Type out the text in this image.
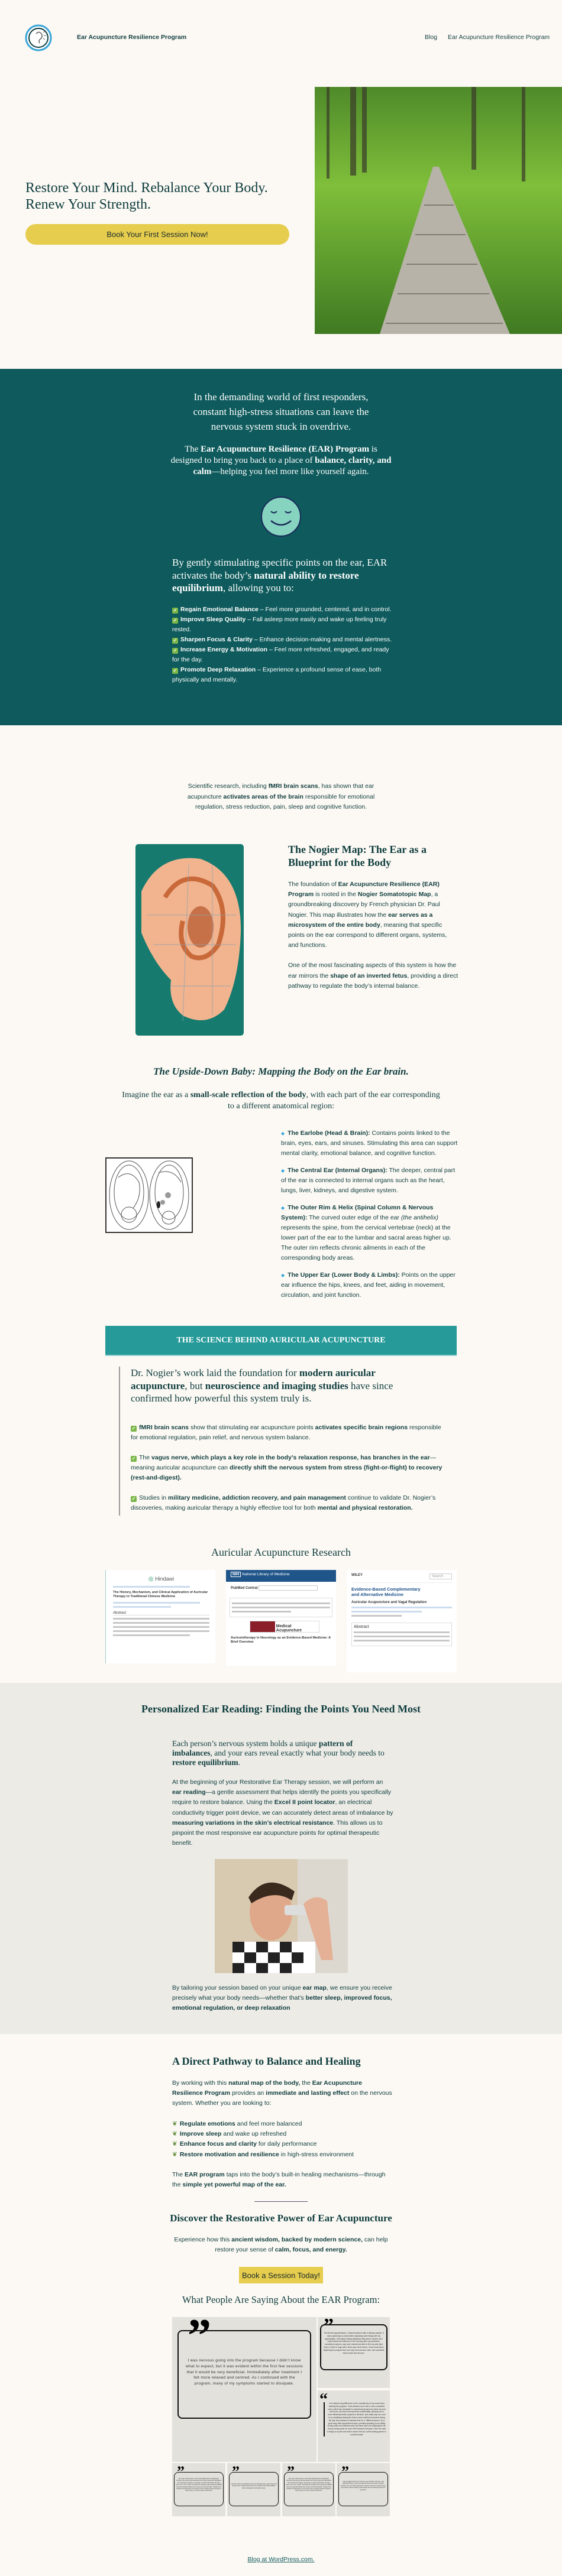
Ear Acupuncture Resilience Program	Blog Ear Acupuncture Resilience Program
Restore Your Mind. Rebalance Your Body. Renew Your Strength.
Book Your First Session Now!

In the demanding world of first responders, constant high-stress situations can leave the nervous system stuck in overdrive.

The Ear Acupuncture Resilience (EAR) Program is designed to bring you back to a place of balance, clarity, and calm—helping you feel more like yourself again.

By gently stimulating specific points on the ear, EAR activates the body’s natural ability to restore equilibrium, allowing you to:

✓ Regain Emotional Balance – Feel more grounded, centered, and in control.
✓ Improve Sleep Quality – Fall asleep more easily and wake up feeling truly rested.
✓ Sharpen Focus & Clarity – Enhance decision-making and mental alertness.
✓ Increase Energy & Motivation – Feel more refreshed, engaged, and ready for the day.
✓ Promote Deep Relaxation – Experience a profound sense of ease, both physically and mentally.

Scientific research, including fMRI brain scans, has shown that ear acupuncture activates areas of the brain responsible for emotional regulation, stress reduction, pain, sleep and cognitive function.

The Nogier Map: The Ear as a Blueprint for the Body

The foundation of Ear Acupuncture Resilience (EAR) Program is rooted in the Nogier Somatotopic Map, a groundbreaking discovery by French physician Dr. Paul Nogier. This map illustrates how the ear serves as a microsystem of the entire body, meaning that specific points on the ear correspond to different organs, systems, and functions.

One of the most fascinating aspects of this system is how the ear mirrors the shape of an inverted fetus, providing a direct pathway to regulate the body’s internal balance.

The Upside-Down Baby: Mapping the Body on the Ear brain.

Imagine the ear as a small-scale reflection of the body, with each part of the ear corresponding to a different anatomical region:

◆ The Earlobe (Head & Brain): Contains points linked to the brain, eyes, ears, and sinuses. Stimulating this area can support mental clarity, emotional balance, and cognitive function.

◆ The Central Ear (Internal Organs): The deeper, central part of the ear is connected to internal organs such as the heart, lungs, liver, kidneys, and digestive system.

◆ The Outer Rim & Helix (Spinal Column & Nervous System): The curved outer edge of the ear (the antihelix) represents the spine, from the cervical vertebrae (neck) at the lower part of the ear to the lumbar and sacral areas higher up. The outer rim reflects chronic ailments in each of the corresponding body areas.

◆ The Upper Ear (Lower Body & Limbs): Points on the upper ear influence the hips, knees, and feet, aiding in movement, circulation, and joint function.

THE SCIENCE BEHIND AURICULAR ACUPUNCTURE

Dr. Nogier’s work laid the foundation for modern auricular acupuncture, but neuroscience and imaging studies have since confirmed how powerful this system truly is.

✓ fMRI brain scans show that stimulating ear acupuncture points activates specific brain regions responsible for emotional regulation, pain relief, and nervous system balance.

✓ The vagus nerve, which plays a key role in the body’s relaxation response, has branches in the ear—meaning auricular acupuncture can directly shift the nervous system from stress (fight-or-flight) to recovery (rest-and-digest).

✓ Studies in military medicine, addiction recovery, and pain management continue to validate Dr. Nogier’s discoveries, making auricular therapy a highly effective tool for both mental and physical restoration.

Auricular Acupuncture Research
◎ Hindawi
The History, Mechanism, and Clinical Application of Auricular Therapy in Traditional Chinese Medicine
Abstract
NIH National Library of Medicine
PubMed Central
Medical Acupuncture
Auriculotherapy in Neurology as an Evidence-Based Medicine: A Brief Overview
WILEY	Search
Evidence-Based Complementary and Alternative Medicine
Auricular Acupuncture and Vagal Regulation
Abstract
Personalized Ear Reading: Finding the Points You Need Most

Each person’s nervous system holds a unique pattern of imbalances, and your ears reveal exactly what your body needs to restore equilibrium.

At the beginning of your Restorative Ear Therapy session, we will perform an ear reading—a gentle assessment that helps identify the points you specifically require to restore balance. Using the Excel II point locator, an electrical conductivity trigger point device, we can accurately detect areas of imbalance by measuring variations in the skin’s electrical resistance. This allows us to pinpoint the most responsive ear acupuncture points for optimal therapeutic benefit.

By tailoring your session based on your unique ear map, we ensure you receive precisely what your body needs—whether that’s better sleep, improved focus, emotional regulation, or deep relaxation

A Direct Pathway to Balance and Healing

By working with this natural map of the body, the Ear Acupuncture Resilience Program provides an immediate and lasting effect on the nervous system. Whether you are looking to:

❦ Regulate emotions and feel more balanced
❦ Improve sleep and wake up refreshed
❦ Enhance focus and clarity for daily performance
❦ Restore motivation and resilience in high-stress environment

The EAR program taps into the body’s built-in healing mechanisms—through the simple yet powerful map of the ear.

Discover the Restorative Power of Ear Acupuncture

Experience how this ancient wisdom, backed by modern science, can help restore your sense of calm, focus, and energy.

Book a Session Today!
What People Are Saying About the EAR Program:
”
I was nervous going into the program because I didn’t know what to expect, but it was evident within the first few sessions that it would be very beneficial. Immediately after treatment I felt more relaxed and centred. As I continued with the program, many of my symptoms started to dissipate.
”
The first few appointments, I booked myself in after a therapy session. It was a great way to unwind after unpacking some things with my psychologist. I felt calmer leaving Wayfound than when I arrived, but I really noticed the difference in the evening after my treatments- sometimes euphoric, way more relaxed and able to find my calm (and keep it, which is huge with a three year old at home). I have found since beginning the program that I am way more focused, calm, and consistent both at work and at home.
“ I've noticed a big difference in the consistency of my mood since starting this program. It has allowed me to feel a more consistent calm, which has translated to experiencing way less stress at work and home. My focus has improved substantially, allowing me to more efficiently tackle projects of all kinds, and really help me zone in on prioritizing finding the time to work out/find movement during the day. My husband is insistent that I'm a "different person" (in a good way) after appointment days, primarily speaking to my ability to stay calm and collected when my three year old is flipping her lid. I keep coming back for more EAR sessions because I love the calm it brings to my life and that is hard to find as a shift working parent to a small human!
”
My mood, clinical levels, and overall wellbeing have significantly improved. My anxiety has decreased and I rarely experience flashbacks since joining the program. Generally, my friends and family say that I seem to be more myself. Combining the program with therapy and EMDR has tremendously helped my recovery and mental health. I always look forward to acupuncture on the days I have a therapy session because it helps bring my nervous system back down.
”
Felt less tension immediately and for the following days, easier sleep and quieter mind. Coupled with therapy, this program has helped facilitate stress management and easier sleep.
”
My mood, clinical levels, and overall wellbeing have significantly improved. My anxiety has decreased and I rarely experience flashbacks since joining the program. Generally, my friends and family say that I seem to be more myself. Combining the program with therapy and EMDR has tremendously helped my recovery and mental health. I always look forward to acupuncture on the days I have a therapy session because it helps bring my nervous system back down.
”
I was struggling with some insomnia, low frustration tolerance, and difficulty focusing. I feel less dealt with those previously in therapy sessions, but I love that acupuncture sessions seemed to clear those up way quicker without having to talk through all of the feelings behind the symptoms.
Blog at WordPress.com.
